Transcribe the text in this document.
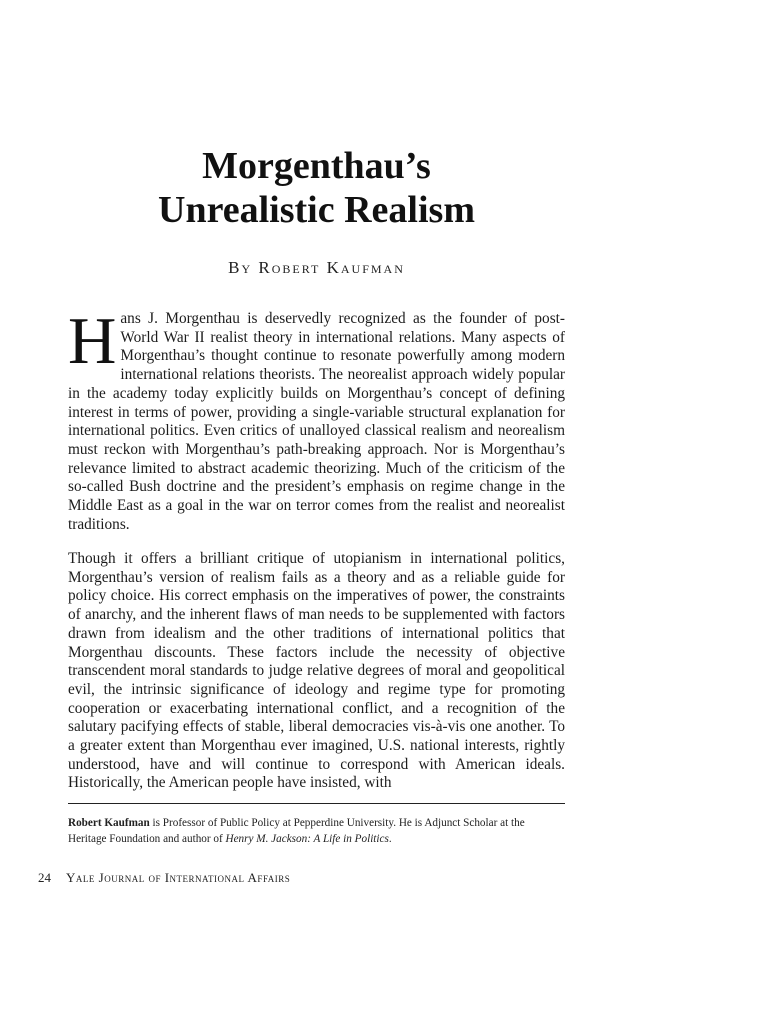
Morgenthau’s
Unrealistic Realism
By Robert Kaufman

Hans J. Morgenthau is deservedly recognized as the founder of post-World War II realist theory in international relations. Many aspects of Morgenthau’s thought continue to resonate powerfully among modern international relations theorists. The neorealist approach widely popular in the academy today explicitly builds on Morgenthau’s concept of defining interest in terms of power, providing a single-variable structural explanation for international politics. Even critics of unalloyed classical realism and neorealism must reckon with Morgenthau’s path-breaking approach. Nor is Morgenthau’s relevance limited to abstract academic theorizing. Much of the criticism of the so-called Bush doctrine and the president’s emphasis on regime change in the Middle East as a goal in the war on terror comes from the realist and neorealist traditions.

Though it offers a brilliant critique of utopianism in international politics, Morgenthau’s version of realism fails as a theory and as a reliable guide for policy choice. His correct emphasis on the imperatives of power, the constraints of anarchy, and the inherent flaws of man needs to be supplemented with factors drawn from idealism and the other traditions of international politics that Morgenthau discounts. These factors include the necessity of objective transcendent moral standards to judge relative degrees of moral and geopolitical evil, the intrinsic significance of ideology and regime type for promoting cooperation or exacerbating international conflict, and a recognition of the salutary pacifying effects of stable, liberal democracies vis-à-vis one another. To a greater extent than Morgenthau ever imagined, U.S. national interests, rightly understood, have and will continue to correspond with American ideals. Historically, the American people have insisted, with

Robert Kaufman is Professor of Public Policy at Pepperdine University. He is Adjunct Scholar at the Heritage Foundation and author of Henry M. Jackson: A Life in Politics.

24 Yale Journal of International Affairs
